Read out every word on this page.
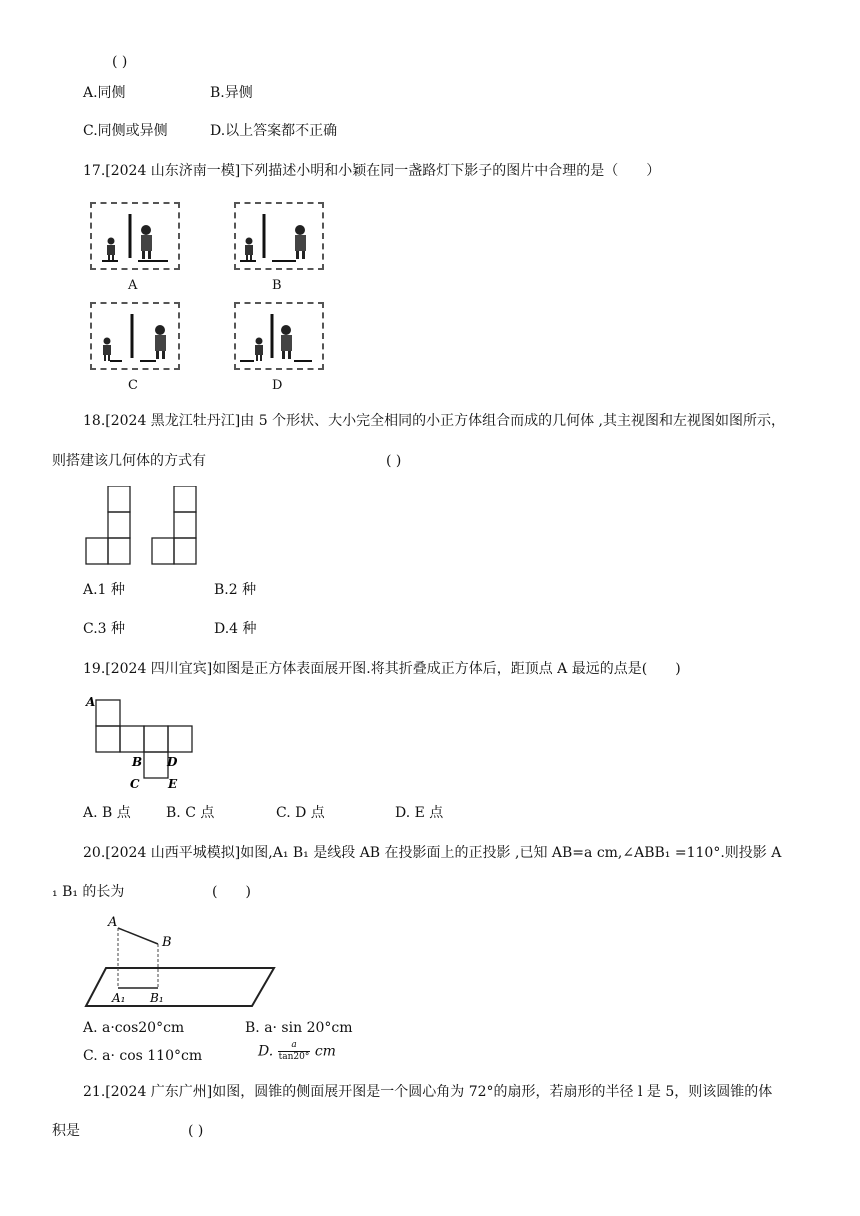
( )
A.同侧	B.异侧
C.同侧或异侧	D.以上答案都不正确
17.[2024 山东济南一模]下列描述小明和小颖在同一盏路灯下影子的图片中合理的是（　　）
A	B
C	D
18.[2024 黑龙江牡丹江]由 5 个形状、大小完全相同的小正方体组合而成的几何体 ,其主视图和左视图如图所示，
则搭建该几何体的方式有	( )
A.1 种	B.2 种
C.3 种	D.4 种
19.[2024 四川宜宾]如图是正方体表面展开图.将其折叠成正方体后，距顶点 A 最远的点是(　　)
A
B D
C E
A. B 点	B. C 点	C. D 点	D. E 点
20.[2024 山西平城模拟]如图,A₁ B₁ 是线段 AB 在投影面上的正投影 ,已知 AB=a cm,∠ABB₁ =110°.则投影 A
₁ B₁ 的长为	(　　)
A
B
A₁ B₁
A. a·cos20°cm	B. a· sin 20°cm
C. a· cos 110°cm	D. $\frac{a}{\tan 20^\circ}$ cm
21.[2024 广东广州]如图，圆锥的侧面展开图是一个圆心角为 72°的扇形，若扇形的半径 l 是 5，则该圆锥的体
积是	( )
